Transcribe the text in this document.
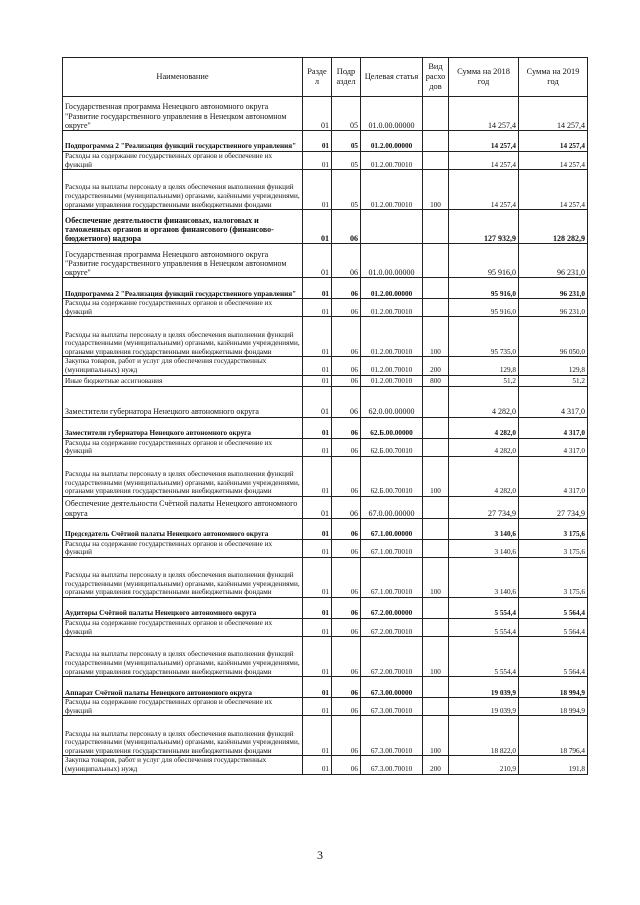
Наименование	Разде л	Подр аздел	Целевая статья	Вид расхо дов	Сумма на 2018 год	Сумма на 2019 год
Государственная программа Ненецкого автономного округа "Развитие государственного управления в Ненецком автономном округе"	01	05	01.0.00.00000		14 257,4	14 257,4
Подпрограмма 2 "Реализация функций государственного управления"	01	05	01.2.00.00000		14 257,4	14 257,4
Расходы на содержание государственных органов и обеспечение их функций	01	05	01.2.00.70010		14 257,4	14 257,4
Расходы на выплаты персоналу в целях обеспечения выполнения функций государственными (муниципальными) органами, казёнными учреждениями, органами управления государственными внебюджетными фондами	01	05	01.2.00.70010	100	14 257,4	14 257,4
Обеспечение деятельности финансовых, налоговых и таможенных органов и органов финансового (финансово-бюджетного) надзора	01	06			127 932,9	128 282,9
Государственная программа Ненецкого автономного округа "Развитие государственного управления в Ненецком автономном округе"	01	06	01.0.00.00000		95 916,0	96 231,0
Подпрограмма 2 "Реализация функций государственного управления"	01	06	01.2.00.00000		95 916,0	96 231,0
Расходы на содержание государственных органов и обеспечение их функций	01	06	01.2.00.70010		95 916,0	96 231,0
Расходы на выплаты персоналу в целях обеспечения выполнения функций государственными (муниципальными) органами, казёнными учреждениями, органами управления государственными внебюджетными фондами	01	06	01.2.00.70010	100	95 735,0	96 050,0
Закупка товаров, работ и услуг для обеспечения государственных (муниципальных) нужд	01	06	01.2.00.70010	200	129,8	129,8
Иные бюджетные ассигнования	01	06	01.2.00.70010	800	51,2	51,2
Заместители губернатора Ненецкого автономного округа	01	06	62.0.00.00000		4 282,0	4 317,0
Заместители губернатора Ненецкого автономного округа	01	06	62.Б.00.00000		4 282,0	4 317,0
Расходы на содержание государственных органов и обеспечение их функций	01	06	62.Б.00.70010		4 282,0	4 317,0
Расходы на выплаты персоналу в целях обеспечения выполнения функций государственными (муниципальными) органами, казёнными учреждениями, органами управления государственными внебюджетными фондами	01	06	62.Б.00.70010	100	4 282,0	4 317,0
Обеспечение деятельности Счётной палаты Ненецкого автономного округа	01	06	67.0.00.00000		27 734,9	27 734,9
Председатель Счётной палаты Ненецкого автономного округа	01	06	67.1.00.00000		3 140,6	3 175,6
Расходы на содержание государственных органов и обеспечение их функций	01	06	67.1.00.70010		3 140,6	3 175,6
Расходы на выплаты персоналу в целях обеспечения выполнения функций государственными (муниципальными) органами, казёнными учреждениями, органами управления государственными внебюджетными фондами	01	06	67.1.00.70010	100	3 140,6	3 175,6
Аудиторы Счётной палаты Ненецкого автономного округа	01	06	67.2.00.00000		5 554,4	5 564,4
Расходы на содержание государственных органов и обеспечение их функций	01	06	67.2.00.70010		5 554,4	5 564,4
Расходы на выплаты персоналу в целях обеспечения выполнения функций государственными (муниципальными) органами, казёнными учреждениями, органами управления государственными внебюджетными фондами	01	06	67.2.00.70010	100	5 554,4	5 564,4
Аппарат Счётной палаты Ненецкого автономного округа	01	06	67.3.00.00000		19 039,9	18 994,9
Расходы на содержание государственных органов и обеспечение их функций	01	06	67.3.00.70010		19 039,9	18 994,9
Расходы на выплаты персоналу в целях обеспечения выполнения функций государственными (муниципальными) органами, казёнными учреждениями, органами управления государственными внебюджетными фондами	01	06	67.3.00.70010	100	18 822,0	18 796,4
Закупка товаров, работ и услуг для обеспечения государственных (муниципальных) нужд	01	06	67.3.00.70010	200	210,9	191,8
3
